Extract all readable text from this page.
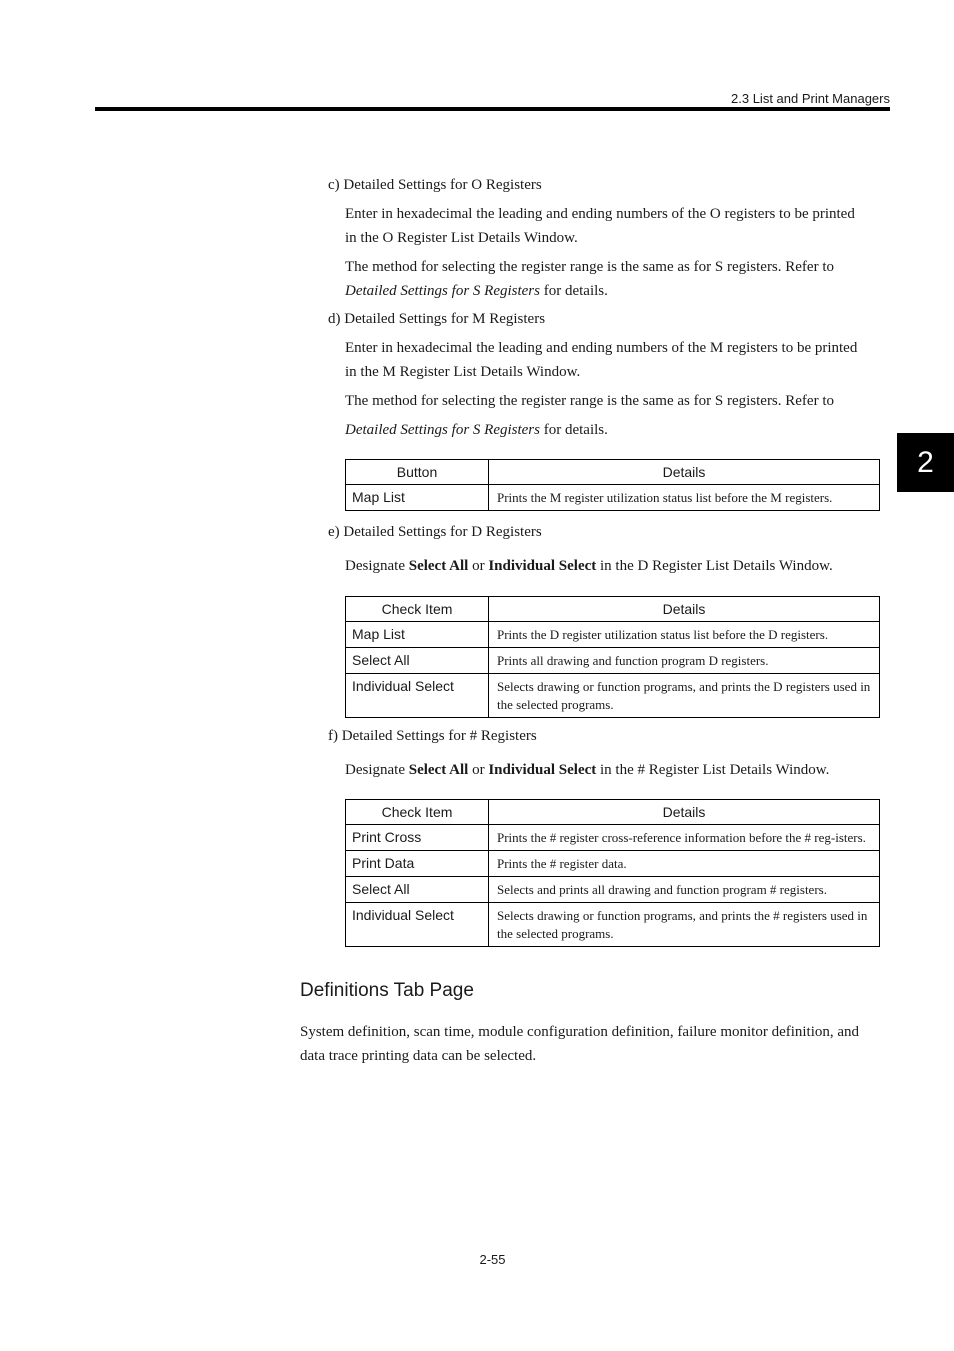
2.3 List and Print Managers
2
c) Detailed Settings for O Registers
Enter in hexadecimal the leading and ending numbers of the O registers to be printed
in the O Register List Details Window.
The method for selecting the register range is the same as for S registers. Refer to
Detailed Settings for S Registers for details.
d) Detailed Settings for M Registers
Enter in hexadecimal the leading and ending numbers of the M registers to be printed
in the M Register List Details Window.
The method for selecting the register range is the same as for S registers. Refer to
Detailed Settings for S Registers for details.
Button	Details
Map List	Prints the M register utilization status list before the M registers.
e) Detailed Settings for D Registers
Designate Select All or Individual Select in the D Register List Details Window.
Check Item	Details
Map List	Prints the D register utilization status list before the D registers.
Select All	Prints all drawing and function program D registers.
Individual Select	Selects drawing or function programs, and prints the D registers used in the selected programs.
f) Detailed Settings for # Registers
Designate Select All or Individual Select in the # Register List Details Window.
Check Item	Details
Print Cross	Prints the # register cross-reference information before the # reg-isters.
Print Data	Prints the # register data.
Select All	Selects and prints all drawing and function program # registers.
Individual Select	Selects drawing or function programs, and prints the # registers used in the selected programs.
Definitions Tab Page
System definition, scan time, module configuration definition, failure monitor definition, and data trace printing data can be selected.
2-55
